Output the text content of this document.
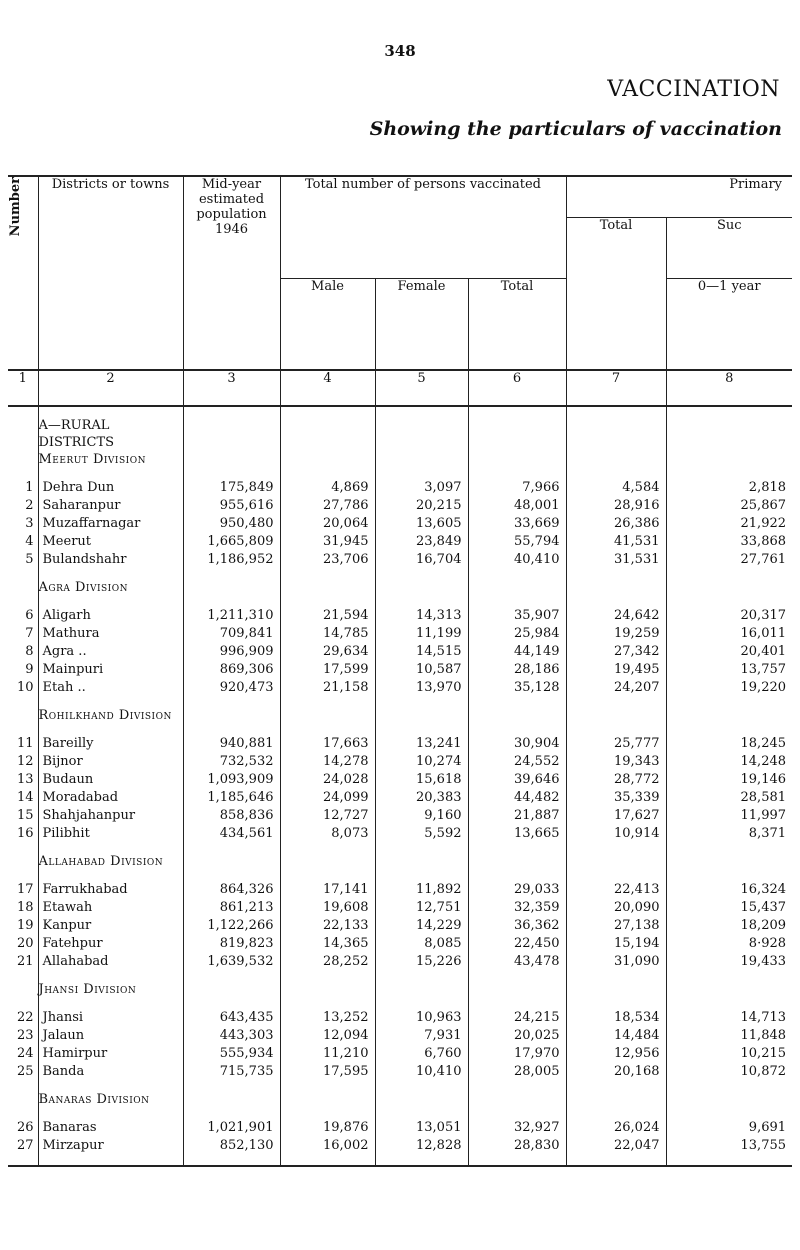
348
VACCINATION
Showing the particulars of vaccination
Number	Districts or towns	Mid-year estimated population 1946	Total number of persons vaccinated			Primary	
						Total	Suc
			Male	Female	Total		0—1 year
1	2	3	4	5	6	7	8

	A—RURAL
DISTRICTS						

	Meerut Division						

1	Dehra Dun	175,849	4,869	3,097	7,966	4,584	2,818
2	Saharanpur	955,616	27,786	20,215	48,001	28,916	25,867
3	Muzaffarnagar	950,480	20,064	13,605	33,669	26,386	21,922
4	Meerut	1,665,809	31,945	23,849	55,794	41,531	33,868
5	Bulandshahr	1,186,952	23,706	16,704	40,410	31,531	27,761

	Agra Division						

6	Aligarh	1,211,310	21,594	14,313	35,907	24,642	20,317
7	Mathura	709,841	14,785	11,199	25,984	19,259	16,011
8	Agra ..	996,909	29,634	14,515	44,149	27,342	20,401
9	Mainpuri	869,306	17,599	10,587	28,186	19,495	13,757
10	Etah ..	920,473	21,158	13,970	35,128	24,207	19,220

	Rohilkhand Division						

11	Bareilly	940,881	17,663	13,241	30,904	25,777	18,245
12	Bijnor	732,532	14,278	10,274	24,552	19,343	14,248
13	Budaun	1,093,909	24,028	15,618	39,646	28,772	19,146
14	Moradabad	1,185,646	24,099	20,383	44,482	35,339	28,581
15	Shahjahanpur	858,836	12,727	9,160	21,887	17,627	11,997
16	Pilibhit	434,561	8,073	5,592	13,665	10,914	8,371

	Allahabad Division						

17	Farrukhabad	864,326	17,141	11,892	29,033	22,413	16,324
18	Etawah	861,213	19,608	12,751	32,359	20,090	15,437
19	Kanpur	1,122,266	22,133	14,229	36,362	27,138	18,209
20	Fatehpur	819,823	14,365	8,085	22,450	15,194	8·928
21	Allahabad	1,639,532	28,252	15,226	43,478	31,090	19,433

	Jhansi Division						

22	Jhansi	643,435	13,252	10,963	24,215	18,534	14,713
23	Jalaun	443,303	12,094	7,931	20,025	14,484	11,848
24	Hamirpur	555,934	11,210	6,760	17,970	12,956	10,215
25	Banda	715,735	17,595	10,410	28,005	20,168	10,872

	Banaras Division						

26	Banaras	1,021,901	19,876	13,051	32,927	26,024	9,691
27	Mirzapur	852,130	16,002	12,828	28,830	22,047	13,755
